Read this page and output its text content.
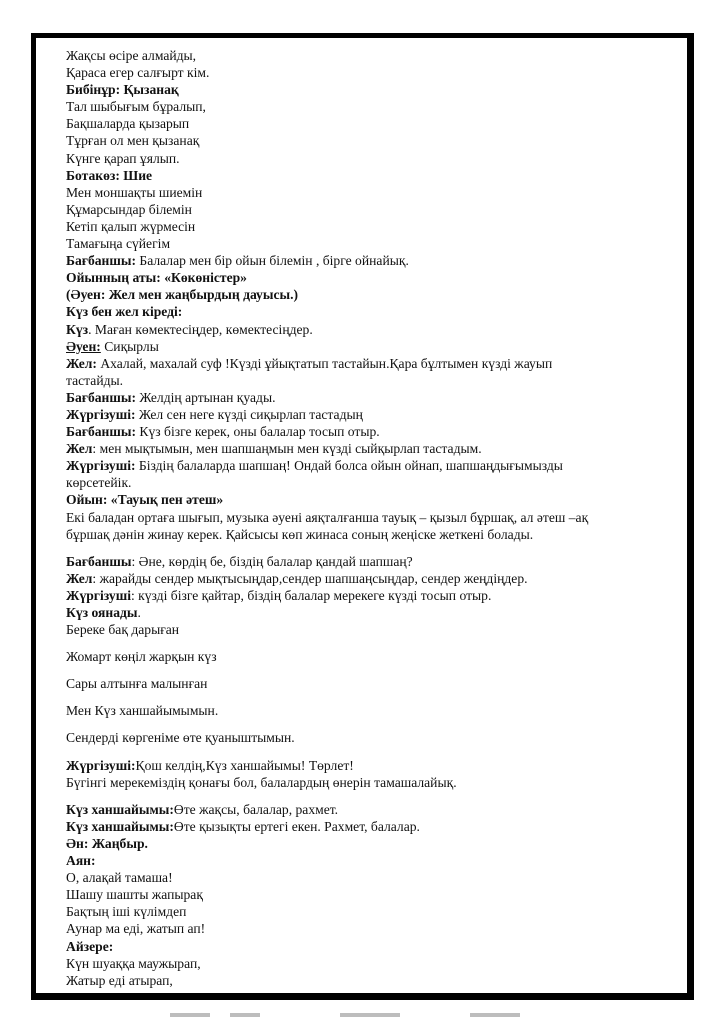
Жақсы өсіре алмайды,
Қараса егер салғырт кім.
Бибінұр: Қызанақ
Тал шыбығым бұралып,
Бақшаларда қызарып
Тұрған ол мен қызанақ
Күнге қарап ұялып.
Ботакөз: Шие
Мен моншақты шиемін
Құмарсындар білемін
Кетіп қалып жүрмесін
Тамағыңа сүйегім
Бағбаншы: Балалар мен бір ойын білемін , бірге ойнайық.
Ойынның аты: «Көкөністер»
(Әуен: Жел мен жаңбырдың дауысы.)
Күз бен жел кіреді:
Күз. Маған көмектесіңдер, көмектесіңдер.
Әуен: Сиқырлы
Жел: Ахалай, махалай суф !Күзді ұйықтатып тастайын.Қара бұлтымен күзді жауып
тастайды.
Бағбаншы: Желдің артынан қуады.
Жүргізуші: Жел сен неге күзді сиқырлап тастадың
Бағбаншы: Күз бізге керек, оны балалар тосып отыр.
Жел: мен мықтымын, мен шапшаңмын мен күзді сыйқырлап тастадым.
Жүргізуші: Біздің балаларда шапшаң! Ондай болса ойын ойнап, шапшаңдығымызды
көрсетейік.
Ойын: «Тауық пен әтеш»
Екі баладан ортаға шығып, музыка әуені аяқталғанша тауық – қызыл бұршақ, ал әтеш –ақ
бұршақ дәнін жинау керек. Қайсысы көп жинаса соның жеңіске жеткені болады.
Бағбаншы: Әне, көрдің бе, біздің балалар қандай шапшаң?
Жел: жарайды сендер мықтысыңдар,сендер шапшаңсыңдар, сендер жеңдіңдер.
Жүргізуші: күзді бізге қайтар, біздің балалар мерекеге күзді тосып отыр.
Күз оянады.
Береке бақ дарыған
Жомарт көңіл жарқын күз
Сары алтынға малынған
Мен Күз ханшайымымын.
Сендерді көргеніме өте қуаныштымын.
Жүргізуші:Қош келдің,Күз ханшайымы! Төрлет!
Бүгінгі мерекеміздің қонағы бол, балалардың өнерін тамашалайық.
Күз ханшайымы:Өте жақсы, балалар, рахмет.
Күз ханшайымы:Өте қызықты ертегі екен. Рахмет, балалар.
Ән: Жаңбыр.
Аян:
О, алақай тамаша!
Шашу шашты жапырақ
Бақтың іші күлімдеп
Аунар ма еді, жатып ап!
Айзере:
Күн шуаққа маужырап,
Жатыр еді атырап,
